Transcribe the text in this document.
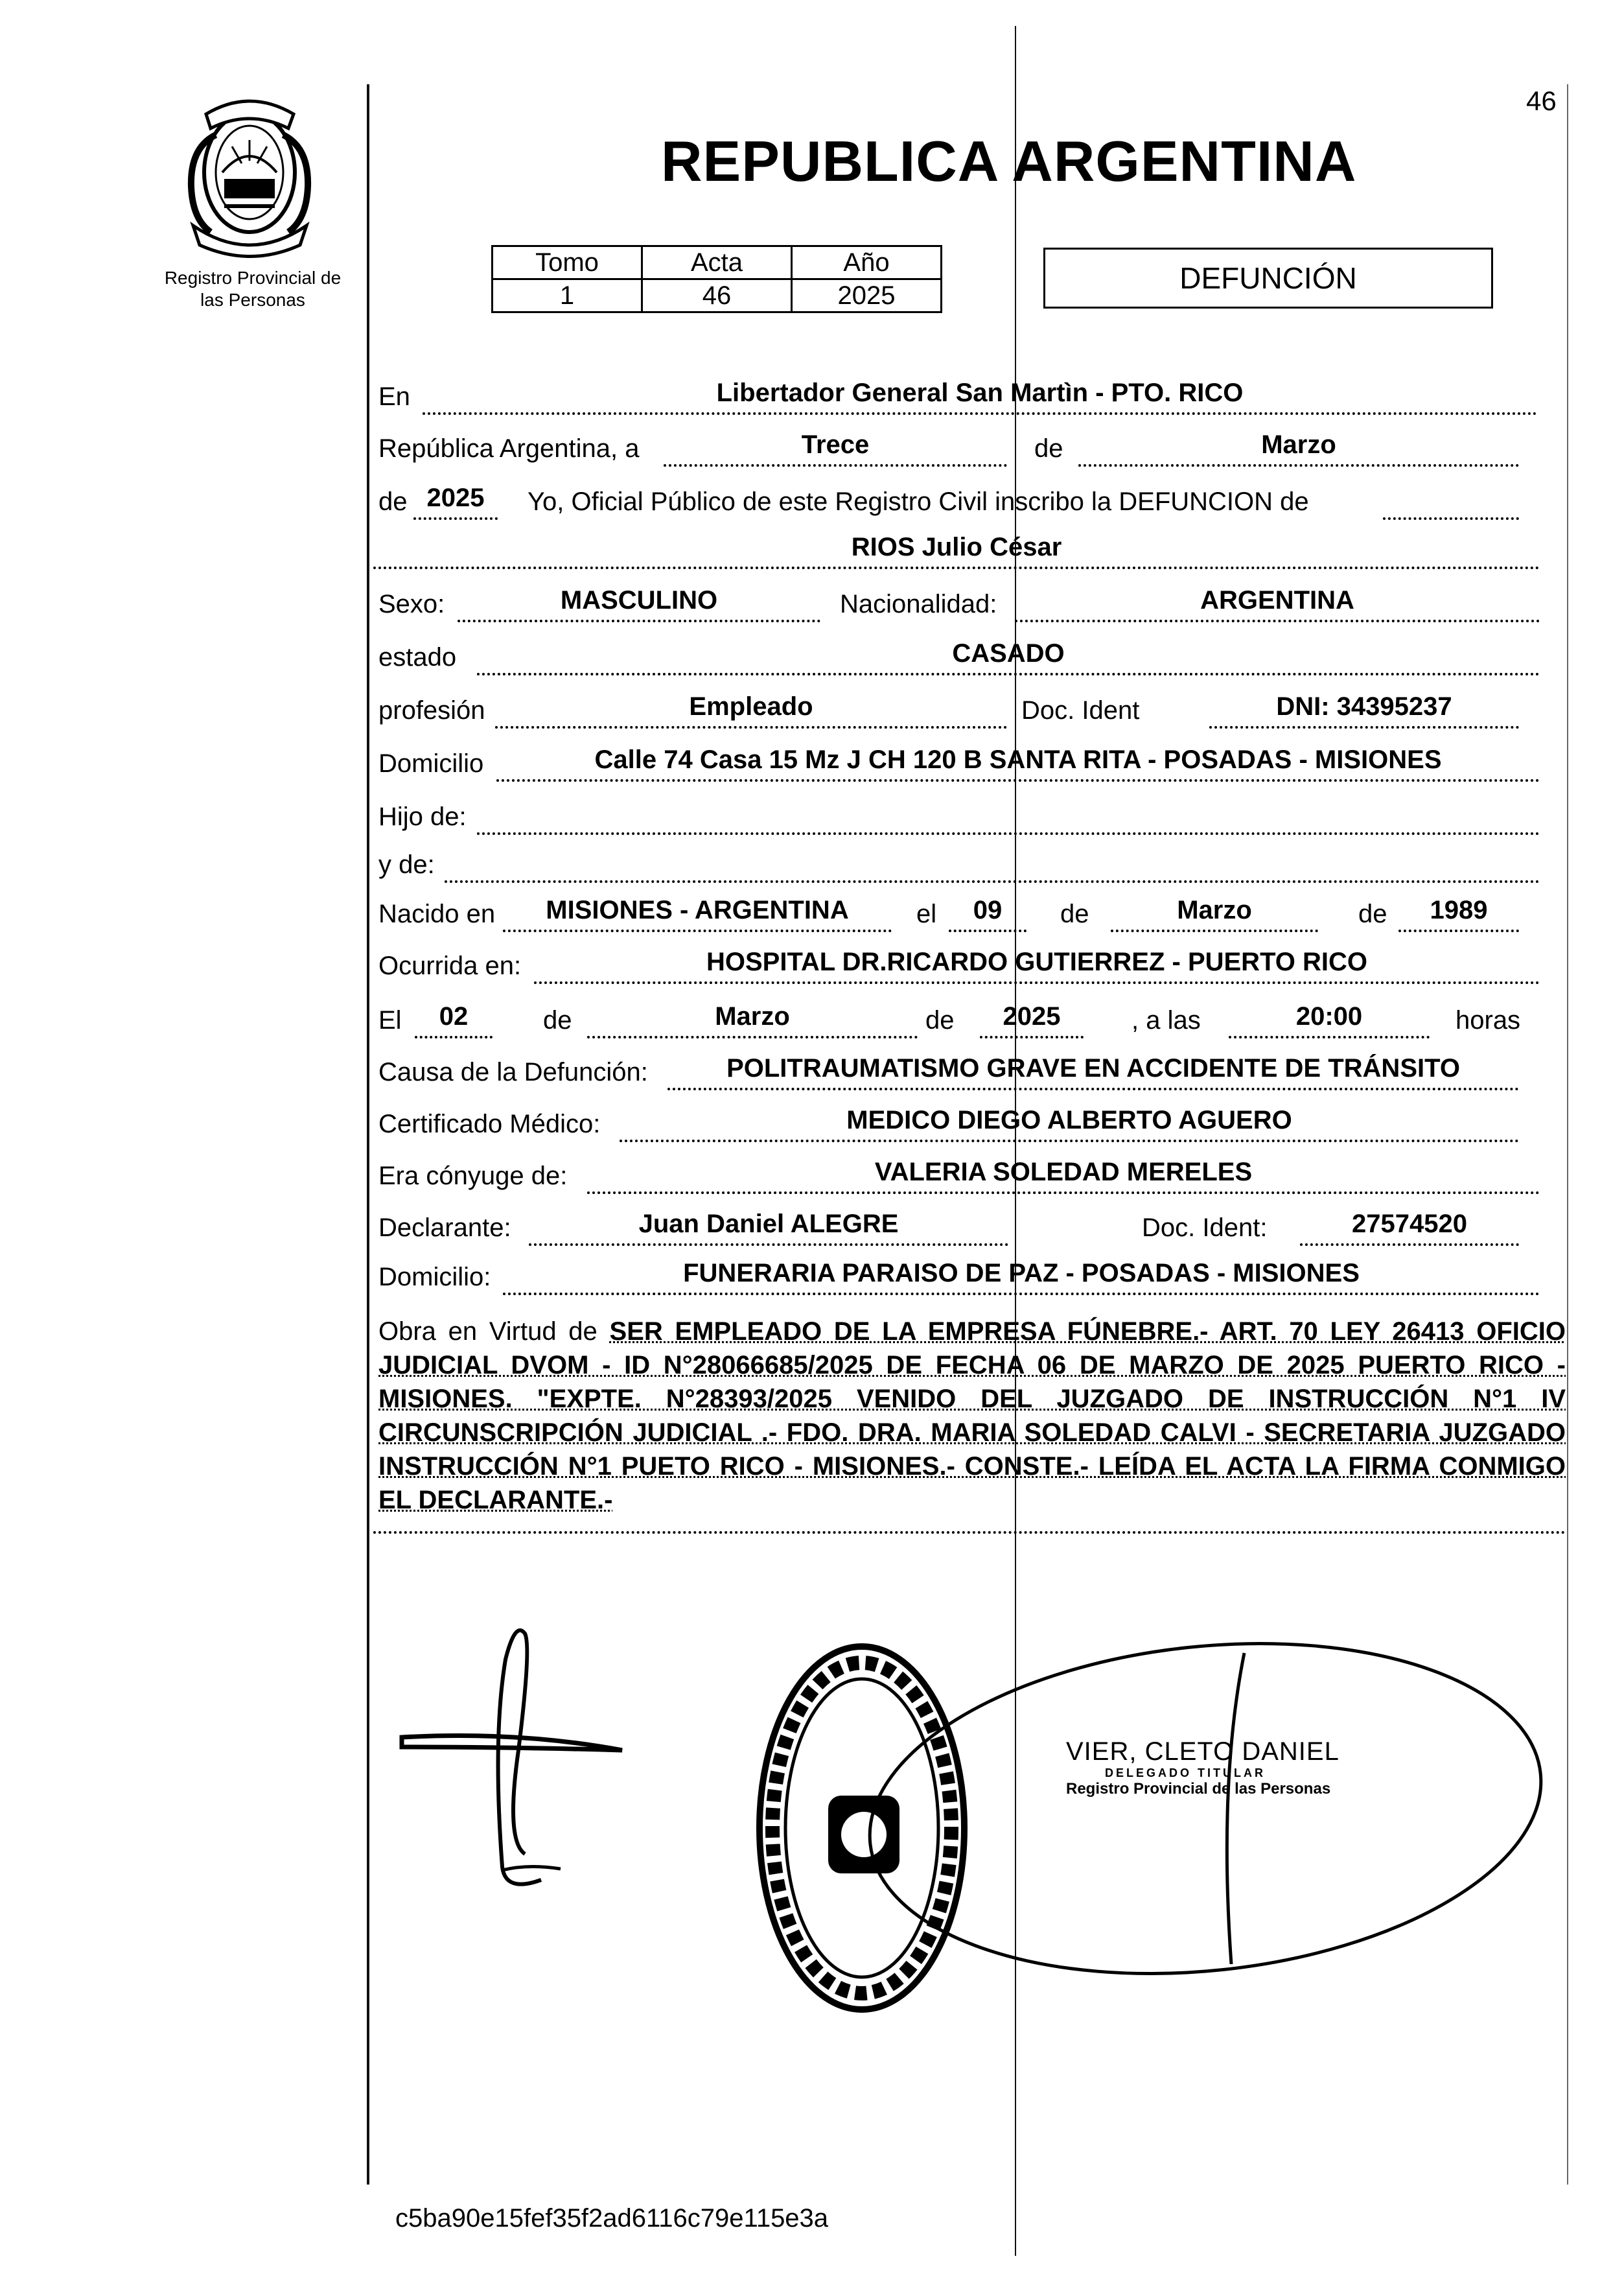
46
Registro Provincial de
las Personas
REPUBLICA ARGENTINA
Tomo	Acta	Año
1	46	2025
DEFUNCIÓN
En	Libertador General San Martìn - PTO. RICO
República Argentina, a	Trece	de	Marzo
de 2025	Yo, Oficial Público de este Registro Civil inscribo la DEFUNCION de
RIOS Julio César
Sexo:	MASCULINO	Nacionalidad:	ARGENTINA
estado	CASADO
profesión	Empleado	Doc. Ident	DNI: 34395237
Domicilio	Calle 74 Casa 15 Mz J CH 120 B SANTA RITA - POSADAS - MISIONES
Hijo de:
y de:
Nacido en	MISIONES - ARGENTINA	el	09	de	Marzo	de	1989
Ocurrida en:	HOSPITAL DR.RICARDO GUTIERREZ - PUERTO RICO
El	02	de	Marzo	de	2025	, a las	20:00	horas
Causa de la Defunción:	POLITRAUMATISMO GRAVE EN ACCIDENTE DE TRÁNSITO
Certificado Médico:	MEDICO DIEGO ALBERTO AGUERO
Era cónyuge de:	VALERIA SOLEDAD MERELES
Declarante:	Juan Daniel ALEGRE	Doc. Ident:	27574520
Domicilio:	FUNERARIA PARAISO DE PAZ - POSADAS - MISIONES
Obra en Virtud de SER EMPLEADO DE LA EMPRESA FÚNEBRE.- ART. 70 LEY 26413 OFICIO JUDICIAL DVOM - ID N°28066685/2025 DE FECHA 06 DE MARZO DE 2025 PUERTO RICO - MISIONES. "EXPTE. N°28393/2025 VENIDO DEL JUZGADO DE INSTRUCCIÓN N°1 IV CIRCUNSCRIPCIÓN JUDICIAL .- FDO. DRA. MARIA SOLEDAD CALVI - SECRETARIA JUZGADO INSTRUCCIÓN N°1 PUETO RICO - MISIONES.- CONSTE.- LEÍDA EL ACTA LA FIRMA CONMIGO EL DECLARANTE.-
VIER, CLETO DANIEL
DELEGADO TITULAR
Registro Provincial de las Personas
c5ba90e15fef35f2ad6116c79e115e3a
